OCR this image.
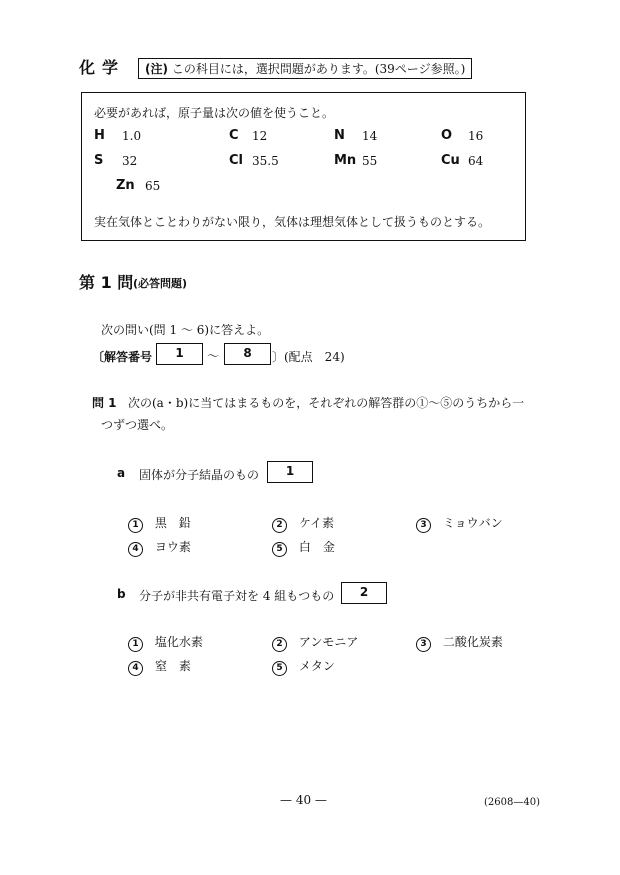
化学	(注) この科目には，選択問題があります。(39ページ参照。)
必要があれば，原子量は次の値を使うこと。
H 1.0	C 12	N 14	O 16
S 32	Cl 35.5	Mn 55	Cu 64
Zn 65
実在気体とことわりがない限り，気体は理想気体として扱うものとする。
第 1 問 (必答問題)
次の問い(問 1 ～ 6)に答えよ。
〔解答番号	1	～	8	〕(配点　24)
問 1 次の(a・b)に当てはまるものを，それぞれの解答群の①～⑤のうちから一
つずつ選べ。
a 固体が分子結晶のもの	1
1 黒　鉛	2 ケイ素	3 ミョウバン
4 ヨウ素	5 白　金
b 分子が非共有電子対を 4 組もつもの	2
1 塩化水素	2 アンモニア	3 二酸化炭素
4 窒　素	5 メタン
— 40 —	(2608—40)
